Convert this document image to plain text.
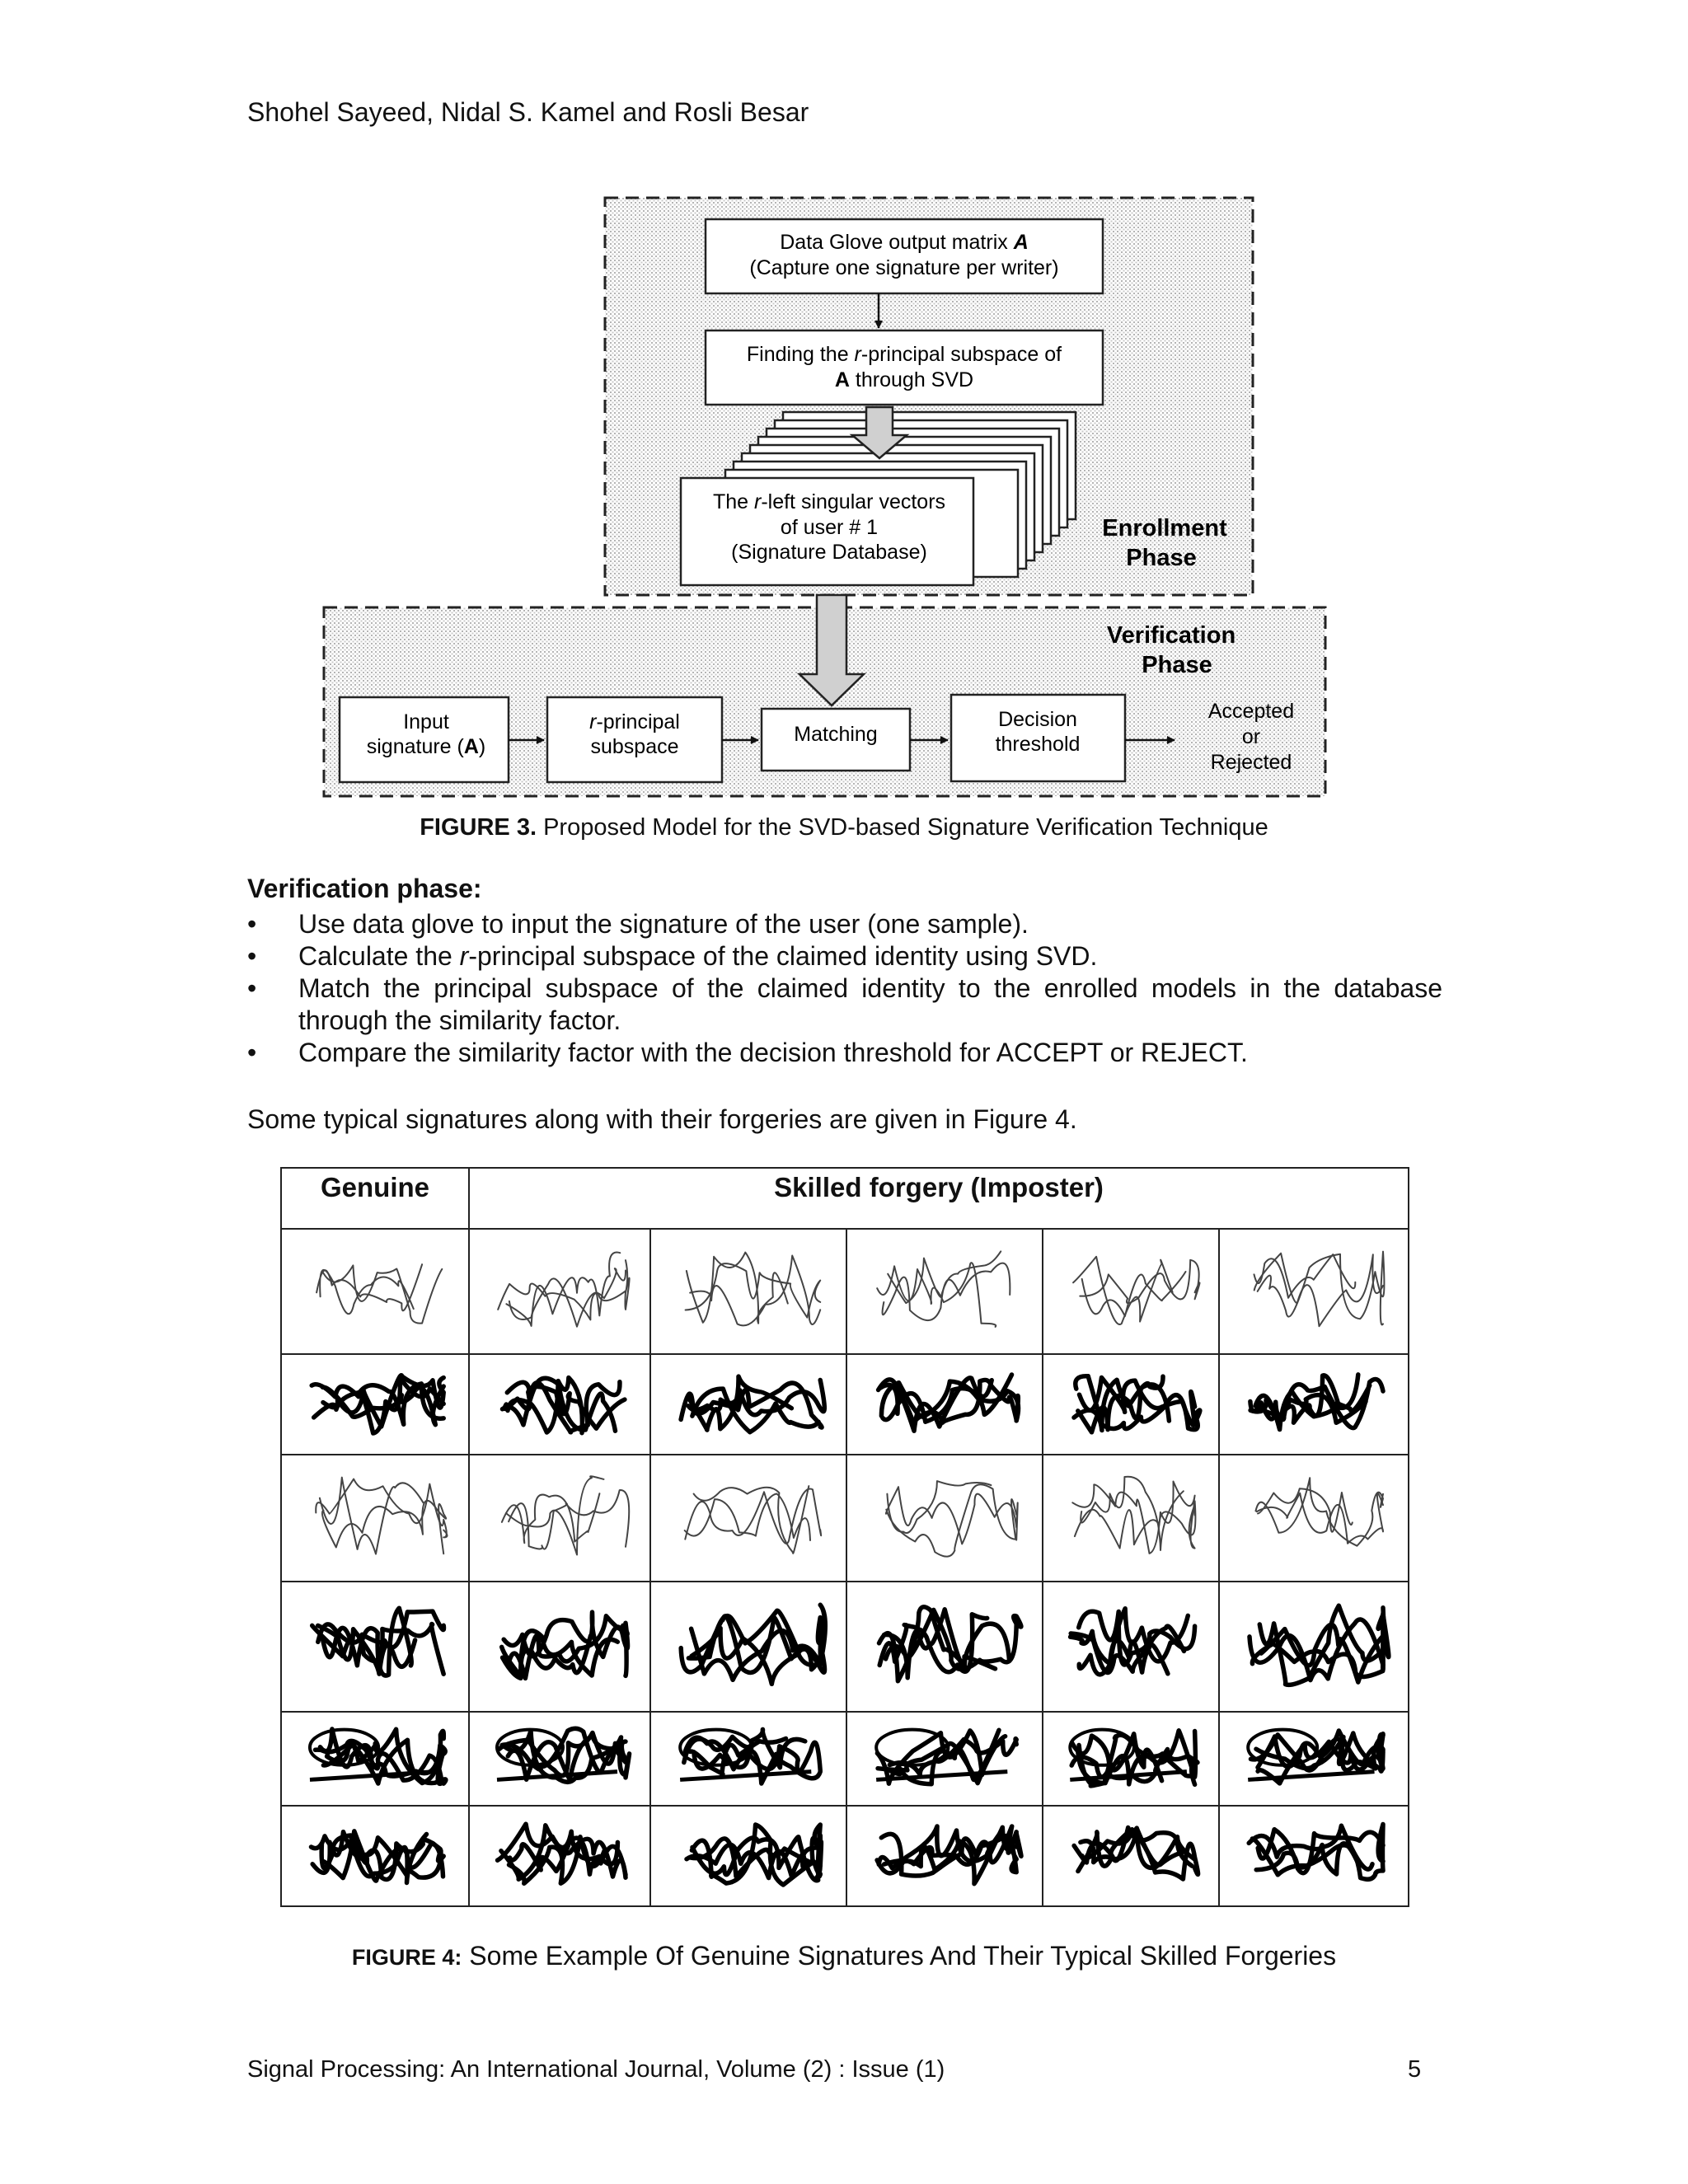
Shohel Sayeed, Nidal S. Kamel and Rosli Besar
Data Glove output matrix A
(Capture one signature per writer)
Finding the r-principal subspace of
A through SVD
The r-left singular vectors
of user # 1
(Signature Database)
Enrollment
Phase
Verification
Phase
Input
signature (A)
r-principal
subspace
Matching
Decision
threshold
Accepted
or
Rejected
FIGURE 3. Proposed Model for the SVD-based Signature Verification Technique
Verification phase:
• Use data glove to input the signature of the user (one sample).
• Calculate the r-principal subspace of the claimed identity using SVD.
• Match the principal subspace of the claimed identity to the enrolled models in the database through the similarity factor.
• Compare the similarity factor with the decision threshold for ACCEPT or REJECT.
Some typical signatures along with their forgeries are given in Figure 4.
Genuine	Skilled forgery (Imposter)				

FIGURE 4: Some Example Of Genuine Signatures And Their Typical Skilled Forgeries
Signal Processing: An International Journal, Volume (2) : Issue (1)	5
